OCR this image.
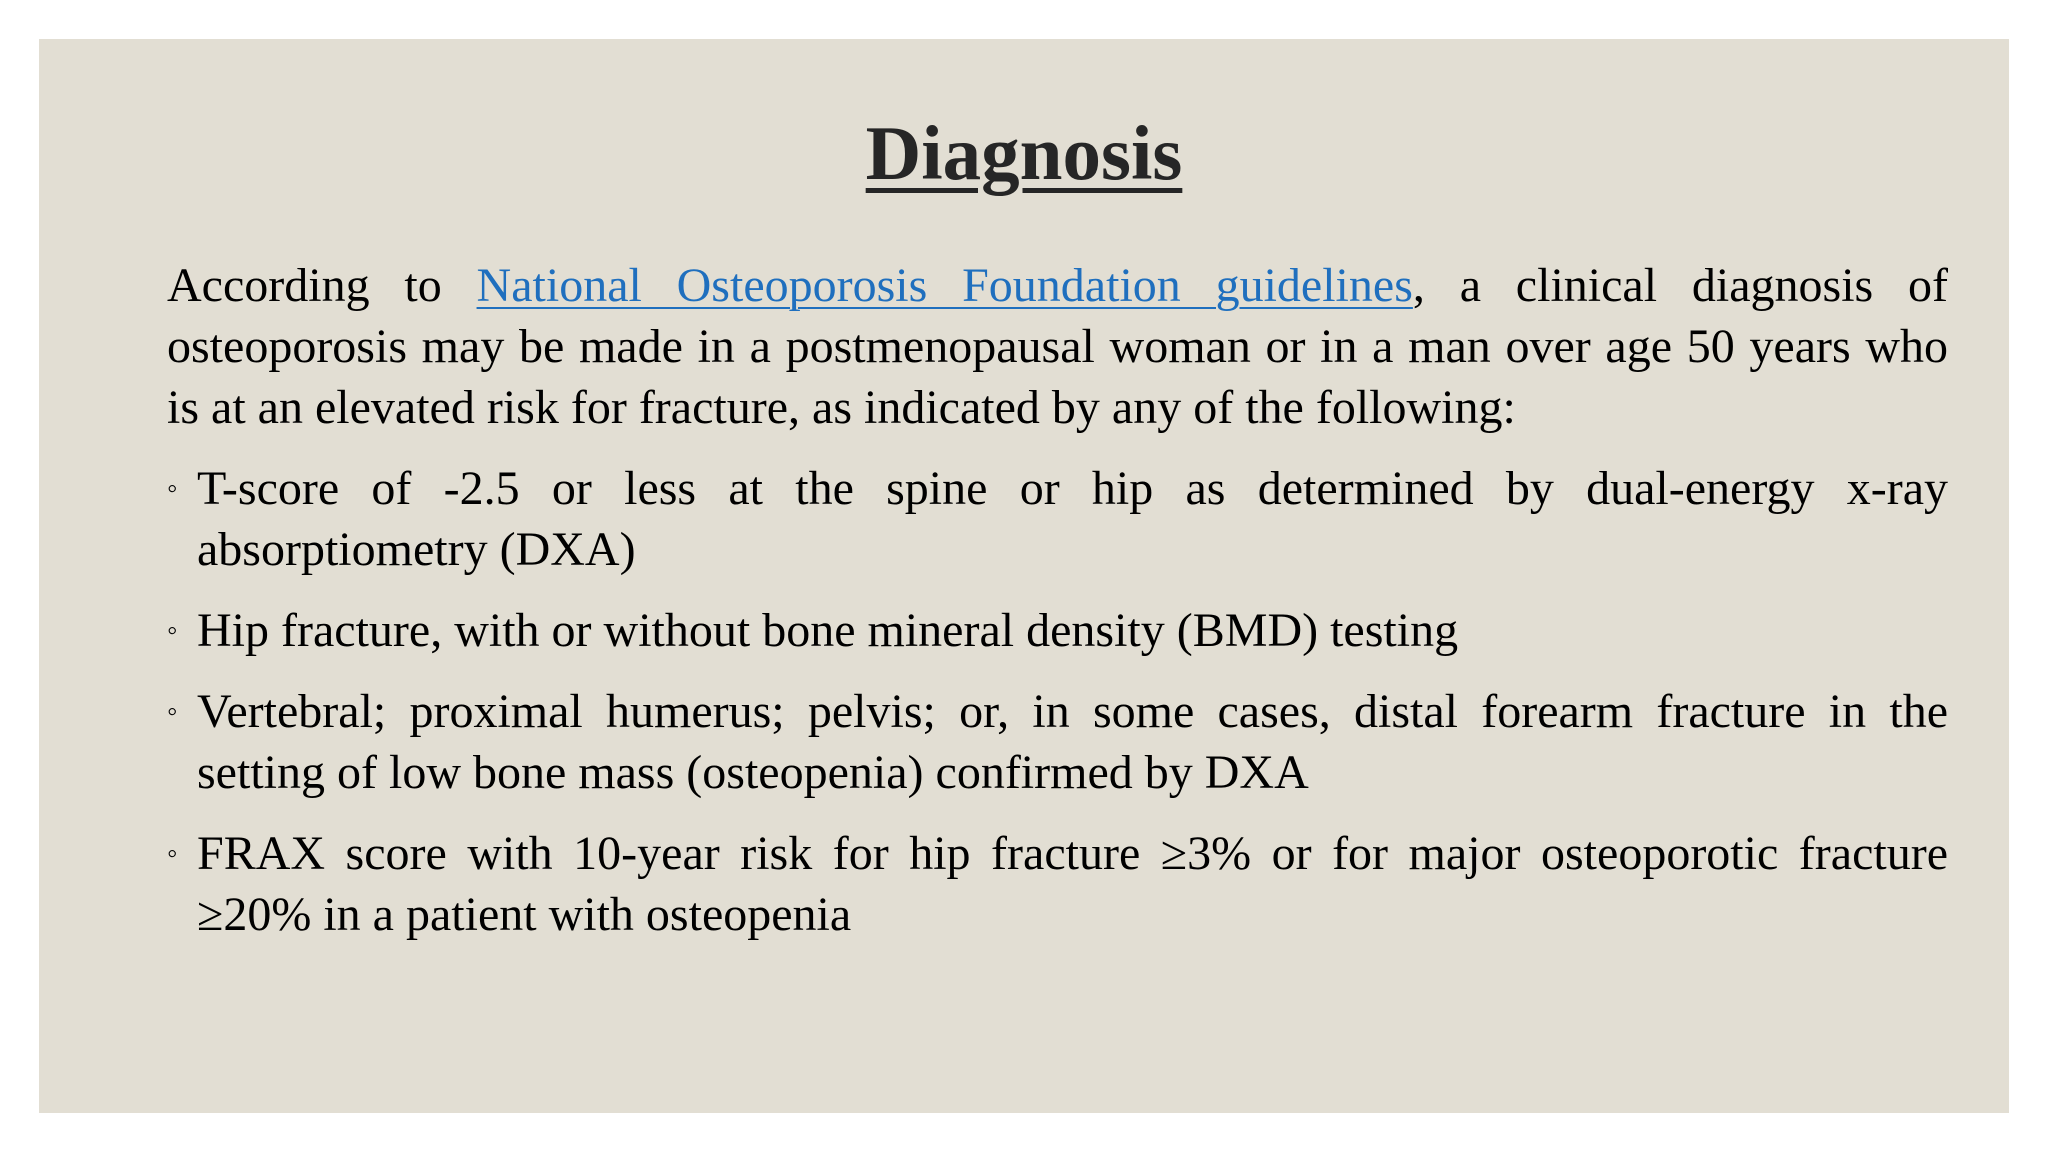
Diagnosis

According to National Osteoporosis Foundation guidelines, a clinical diagnosis of osteoporosis may be made in a postmenopausal woman or in a man over age 50 years who is at an elevated risk for fracture, as indicated by any of the following:

◦ T-score of -2.5 or less at the spine or hip as determined by dual-energy x-ray absorptiometry (DXA)
◦ Hip fracture, with or without bone mineral density (BMD) testing
◦ Vertebral; proximal humerus; pelvis; or, in some cases, distal forearm fracture in the setting of low bone mass (osteopenia) confirmed by DXA
◦ FRAX score with 10-year risk for hip fracture ≥3% or for major osteoporotic fracture ≥20% in a patient with osteopenia
